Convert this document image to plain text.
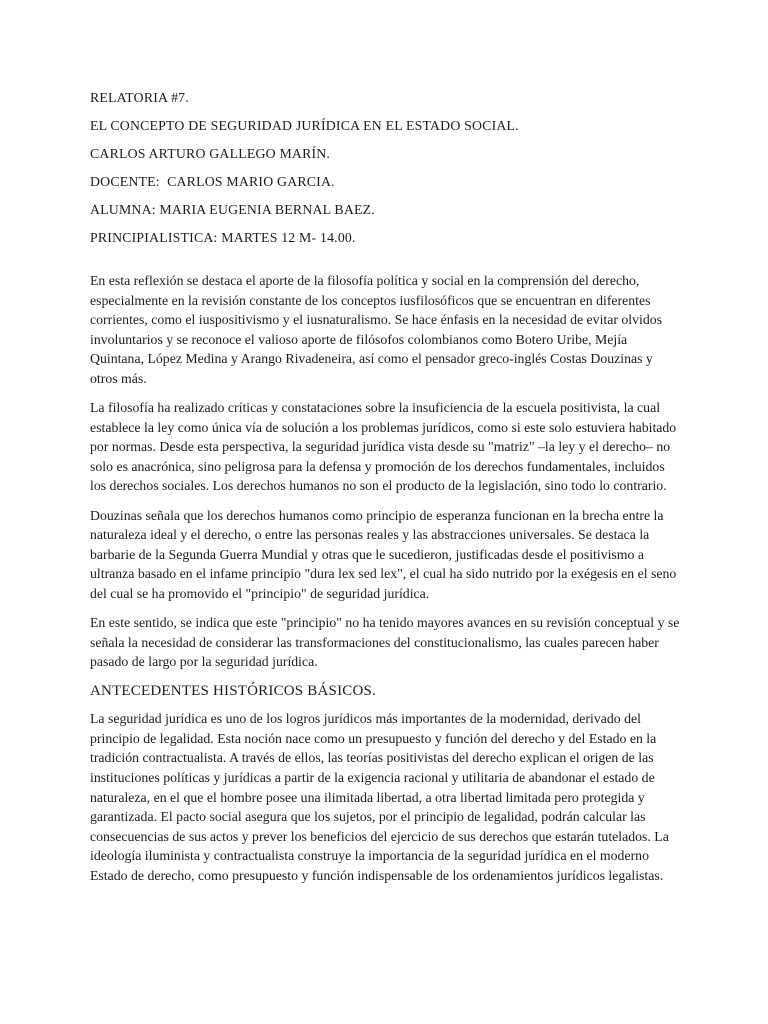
RELATORIA #7.

EL CONCEPTO DE SEGURIDAD JURÍDICA EN EL ESTADO SOCIAL.

CARLOS ARTURO GALLEGO MARÍN.

DOCENTE:  CARLOS MARIO GARCIA.

ALUMNA: MARIA EUGENIA BERNAL BAEZ.

PRINCIPIALISTICA: MARTES 12 M- 14.00.

En esta reflexión se destaca el aporte de la filosofía política y social en la comprensión del derecho, especialmente en la revisión constante de los conceptos iusfilosóficos que se encuentran en diferentes corrientes, como el iuspositivismo y el iusnaturalismo. Se hace énfasis en la necesidad de evitar olvidos involuntarios y se reconoce el valioso aporte de filósofos colombianos como Botero Uribe, Mejía Quintana, López Medina y Arango Rivadeneira, así como el pensador greco-inglés Costas Douzinas y otros más.

La filosofía ha realizado críticas y constataciones sobre la insuficiencia de la escuela positivista, la cual establece la ley como única vía de solución a los problemas jurídicos, como si este solo estuviera habitado por normas. Desde esta perspectiva, la seguridad jurídica vista desde su "matriz" –la ley y el derecho– no solo es anacrónica, sino peligrosa para la defensa y promoción de los derechos fundamentales, incluidos los derechos sociales. Los derechos humanos no son el producto de la legislación, sino todo lo contrario.

Douzinas señala que los derechos humanos como principio de esperanza funcionan en la brecha entre la naturaleza ideal y el derecho, o entre las personas reales y las abstracciones universales. Se destaca la barbarie de la Segunda Guerra Mundial y otras que le sucedieron, justificadas desde el positivismo a ultranza basado en el infame principio "dura lex sed lex", el cual ha sido nutrido por la exégesis en el seno del cual se ha promovido el "principio" de seguridad jurídica.

En este sentido, se indica que este "principio" no ha tenido mayores avances en su revisión conceptual y se señala la necesidad de considerar las transformaciones del constitucionalismo, las cuales parecen haber pasado de largo por la seguridad jurídica.

ANTECEDENTES HISTÓRICOS BÁSICOS.

La seguridad jurídica es uno de los logros jurídicos más importantes de la modernidad, derivado del principio de legalidad. Esta noción nace como un presupuesto y función del derecho y del Estado en la tradición contractualista. A través de ellos, las teorías positivistas del derecho explican el origen de las instituciones políticas y jurídicas a partir de la exigencia racional y utilitaria de abandonar el estado de naturaleza, en el que el hombre posee una ilimitada libertad, a otra libertad limitada pero protegida y garantizada. El pacto social asegura que los sujetos, por el principio de legalidad, podrán calcular las consecuencias de sus actos y prever los beneficios del ejercicio de sus derechos que estarán tutelados. La ideología iluminista y contractualista construye la importancia de la seguridad jurídica en el moderno Estado de derecho, como presupuesto y función indispensable de los ordenamientos jurídicos legalistas.
